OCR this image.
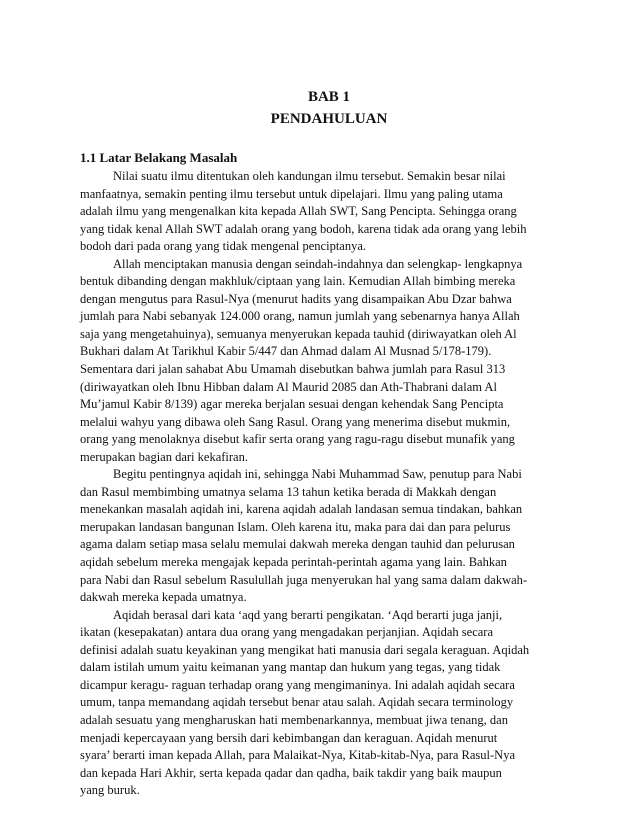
BAB 1
PENDAHULUAN
1.1 Latar Belakang Masalah
Nilai suatu ilmu ditentukan oleh kandungan ilmu tersebut. Semakin besar nilai
manfaatnya, semakin penting ilmu tersebut untuk dipelajari. Ilmu yang paling utama
adalah ilmu yang mengenalkan kita kepada Allah SWT, Sang Pencipta. Sehingga orang
yang tidak kenal Allah SWT adalah orang yang bodoh, karena tidak ada orang yang lebih
bodoh dari pada orang yang tidak mengenal penciptanya.
Allah menciptakan manusia dengan seindah-indahnya dan selengkap- lengkapnya
bentuk dibanding dengan makhluk/ciptaan yang lain. Kemudian Allah bimbing mereka
dengan mengutus para Rasul-Nya (menurut hadits yang disampaikan Abu Dzar bahwa
jumlah para Nabi sebanyak 124.000 orang, namun jumlah yang sebenarnya hanya Allah
saja yang mengetahuinya), semuanya menyerukan kepada tauhid (diriwayatkan oleh Al
Bukhari dalam At Tarikhul Kabir 5/447 dan Ahmad dalam Al Musnad 5/178-179).
Sementara dari jalan sahabat Abu Umamah disebutkan bahwa jumlah para Rasul 313
(diriwayatkan oleh Ibnu Hibban dalam Al Maurid 2085 dan Ath-Thabrani dalam Al
Mu’jamul Kabir 8/139) agar mereka berjalan sesuai dengan kehendak Sang Pencipta
melalui wahyu yang dibawa oleh Sang Rasul. Orang yang menerima disebut mukmin,
orang yang menolaknya disebut kafir serta orang yang ragu-ragu disebut munafik yang
merupakan bagian dari kekafiran.
Begitu pentingnya aqidah ini, sehingga Nabi Muhammad Saw, penutup para Nabi
dan Rasul membimbing umatnya selama 13 tahun ketika berada di Makkah dengan
menekankan masalah aqidah ini, karena aqidah adalah landasan semua tindakan, bahkan
merupakan landasan bangunan Islam. Oleh karena itu, maka para dai dan para pelurus
agama dalam setiap masa selalu memulai dakwah mereka dengan tauhid dan pelurusan
aqidah sebelum mereka mengajak kepada perintah-perintah agama yang lain. Bahkan
para Nabi dan Rasul sebelum Rasulullah juga menyerukan hal yang sama dalam dakwah-
dakwah mereka kepada umatnya.
Aqidah berasal dari kata ‘aqd yang berarti pengikatan. ‘Aqd berarti juga janji,
ikatan (kesepakatan) antara dua orang yang mengadakan perjanjian. Aqidah secara
definisi adalah suatu keyakinan yang mengikat hati manusia dari segala keraguan. Aqidah
dalam istilah umum yaitu keimanan yang mantap dan hukum yang tegas, yang tidak
dicampur keragu- raguan terhadap orang yang mengimaninya. Ini adalah aqidah secara
umum, tanpa memandang aqidah tersebut benar atau salah. Aqidah secara terminology
adalah sesuatu yang mengharuskan hati membenarkannya, membuat jiwa tenang, dan
menjadi kepercayaan yang bersih dari kebimbangan dan keraguan. Aqidah menurut
syara’ berarti iman kepada Allah, para Malaikat-Nya, Kitab-kitab-Nya, para Rasul-Nya
dan kepada Hari Akhir, serta kepada qadar dan qadha, baik takdir yang baik maupun
yang buruk.
